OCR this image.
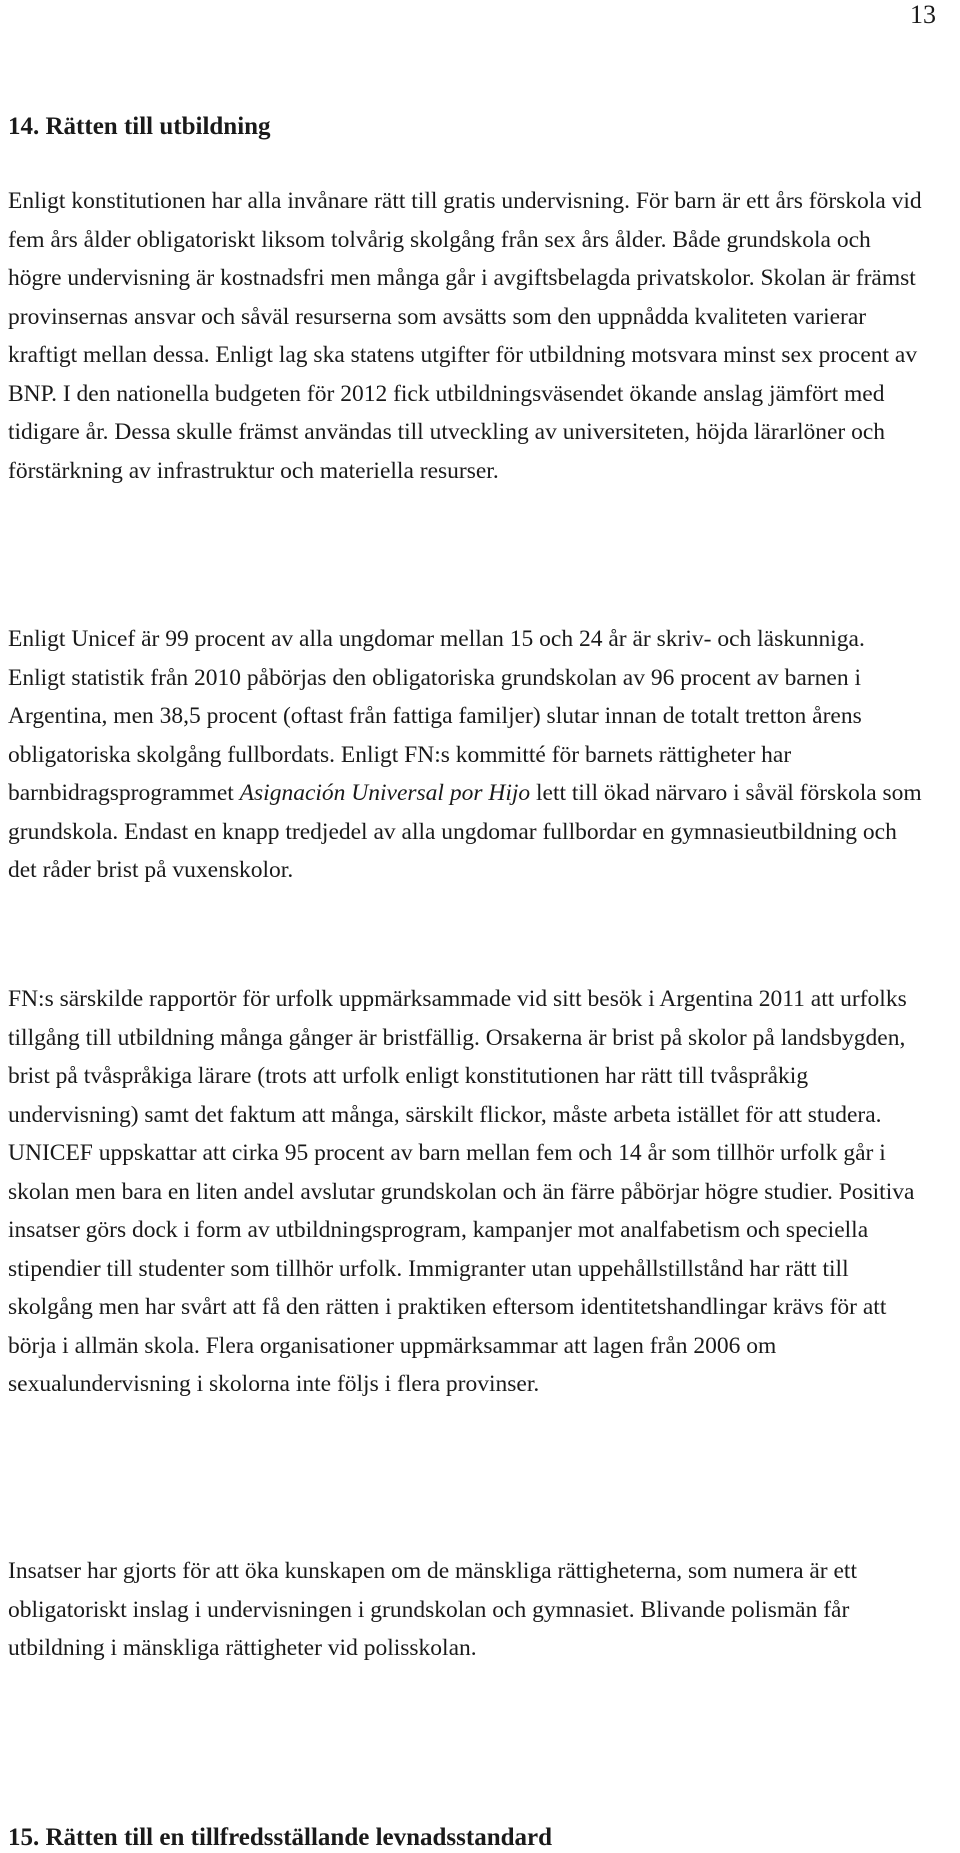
13
14. Rätten till utbildning

Enligt konstitutionen har alla invånare rätt till gratis undervisning. För barn är ett års förskola vid fem års ålder obligatoriskt liksom tolvårig skolgång från sex års ålder. Både grundskola och högre undervisning är kostnadsfri men många går i avgiftsbelagda privatskolor. Skolan är främst provinsernas ansvar och såväl resurserna som avsätts som den uppnådda kvaliteten varierar kraftigt mellan dessa. Enligt lag ska statens utgifter för utbildning motsvara minst sex procent av BNP. I den nationella budgeten för 2012 fick utbildningsväsendet ökande anslag jämfört med tidigare år. Dessa skulle främst användas till utveckling av universiteten, höjda lärarlöner och förstärkning av infrastruktur och materiella resurser.

Enligt Unicef är 99 procent av alla ungdomar mellan 15 och 24 år är skriv- och läskunniga. Enligt statistik från 2010 påbörjas den obligatoriska grundskolan av 96 procent av barnen i Argentina, men 38,5 procent (oftast från fattiga familjer) slutar innan de totalt tretton årens obligatoriska skolgång fullbordats. Enligt FN:s kommitté för barnets rättigheter har barnbidragsprogrammet Asignación Universal por Hijo lett till ökad närvaro i såväl förskola som grundskola. Endast en knapp tredjedel av alla ungdomar fullbordar en gymnasieutbildning och det råder brist på vuxenskolor.

FN:s särskilde rapportör för urfolk uppmärksammade vid sitt besök i Argentina 2011 att urfolks tillgång till utbildning många gånger är bristfällig. Orsakerna är brist på skolor på landsbygden, brist på tvåspråkiga lärare (trots att urfolk enligt konstitutionen har rätt till tvåspråkig undervisning) samt det faktum att många, särskilt flickor, måste arbeta istället för att studera. UNICEF uppskattar att cirka 95 procent av barn mellan fem och 14 år som tillhör urfolk går i skolan men bara en liten andel avslutar grundskolan och än färre påbörjar högre studier. Positiva insatser görs dock i form av utbildningsprogram, kampanjer mot analfabetism och speciella stipendier till studenter som tillhör urfolk. Immigranter utan uppehållstillstånd har rätt till skolgång men har svårt att få den rätten i praktiken eftersom identitetshandlingar krävs för att börja i allmän skola. Flera organisationer uppmärksammar att lagen från 2006 om sexualundervisning i skolorna inte följs i flera provinser.

Insatser har gjorts för att öka kunskapen om de mänskliga rättigheterna, som numera är ett obligatoriskt inslag i undervisningen i grundskolan och gymnasiet. Blivande polismän får utbildning i mänskliga rättigheter vid polisskolan.

15. Rätten till en tillfredsställande levnadsstandard
